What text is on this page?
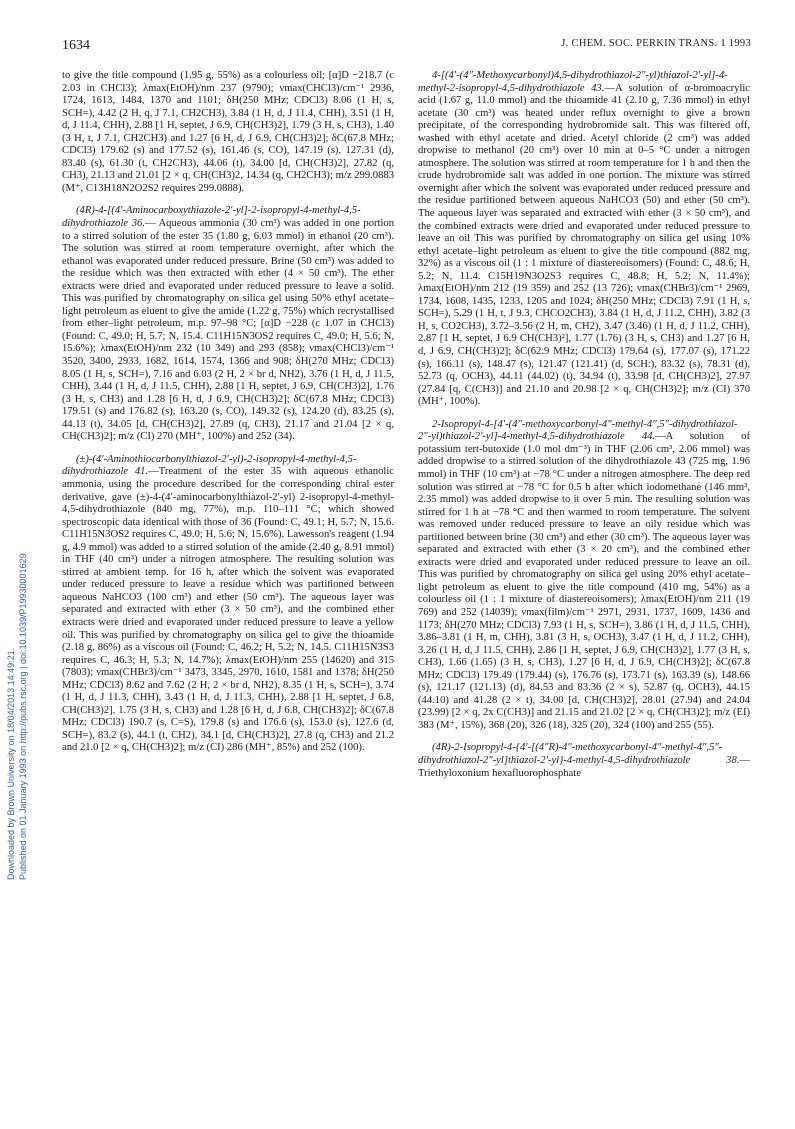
1634	J. CHEM. SOC. PERKIN TRANS. 1 1993
Downloaded by Brown University on 18/04/2013 14:49:21. Published on 01 January 1993 on http://pubs.rsc.org | doi:10.1039/P19930001629

to give the title compound (1.95 g, 55%) as a colourless oil; [α]D −218.7 (c 2.03 in CHCl3); λmax(EtOH)/nm 237 (9790); νmax(CHCl3)/cm⁻¹ 2936, 1724, 1613, 1484, 1370 and 1101; δH(250 MHz; CDCl3) 8.06 (1 H, s, SCH=), 4.42 (2 H, q, J 7.1, CH2CH3), 3.84 (1 H, d, J 11.4, CHH), 3.51 (1 H, d, J 11.4, CHH), 2.88 [1 H, septet, J 6.9, CH(CH3)2], 1.79 (3 H, s, CH3), 1.40 (3 H, t, J 7.1, CH2CH3) and 1.27 [6 H, d, J 6.9, CH(CH3)2]; δC(67.8 MHz; CDCl3) 179.62 (s) and 177.52 (s), 161.46 (s, CO), 147.19 (s), 127.31 (d), 83.40 (s), 61.30 (t, CH2CH3), 44.06 (t), 34.00 [d, CH(CH3)2], 27.82 (q, CH3), 21.13 and 21.01 [2 × q, CH(CH3)2, 14.34 (q, CH2CH3); m/z 299.0883 (M⁺, C13H18N2O2S2 requires 299.0888).

(4R)-4-[(4′-Aminocarboxythiazole-2′-yl]-2-isopropyl-4-methyl-4,5-dihydrothiazole 36.— Aqueous ammonia (30 cm³) was added in one portion to a stirred solution of the ester 35 (1.80 g, 6.03 mmol) in ethanol (20 cm³). The solution was stirred at room temperature overnight, after which the ethanol was evaporated under reduced pressure. Brine (50 cm³) was added to the residue which was then extracted with ether (4 × 50 cm³). The ether extracts were dried and evaporated under reduced pressure to leave a solid. This was purified by chromatography on silica gel using 50% ethyl acetate–light petroleum as eluent to give the amide (1.22 g, 75%) which recrystallised from ether–light petroleum, m.p. 97–98 °C; [α]D −228 (c 1.07 in CHCl3) (Found: C, 49.0; H, 5.7; N, 15.4. C11H15N3OS2 requires C, 49.0; H, 5.6; N, 15.6%); λmax(EtOH)/nm 232 (10 349) and 293 (858); νmax(CHCl3)/cm⁻¹ 3520, 3400, 2933, 1682, 1614, 1574, 1366 and 908; δH(270 MHz; CDCl3) 8.05 (1 H, s, SCH=), 7.16 and 6.03 (2 H, 2 × br d, NH2), 3.76 (1 H, d, J 11.5, CHH), 3.44 (1 H, d, J 11.5, CHH), 2.88 [1 H, septet, J 6.9, CH(CH3)2], 1.76 (3 H, s, CH3) and 1.28 [6 H, d, J 6.9, CH(CH3)2]; δC(67.8 MHz; CDCl3) 179.51 (s) and 176.82 (s), 163.20 (s, CO), 149.32 (s), 124.20 (d), 83.25 (s), 44.13 (t), 34.05 [d, CH(CH3)2], 27.89 (q, CH3), 21.17 and 21.04 [2 × q, CH(CH3)2]; m/z (CI) 270 (MH⁺, 100%) and 252 (34).

(±)-(4′-Aminothiocarbonylthiazol-2′-yl)-2-isopropyl-4-methyl-4,5-dihydrothiazole 41.—Treatment of the ester 35 with aqueous ethanolic ammonia, using the procedure described for the corresponding chiral ester derivative, gave (±)-4-(4′-aminocarbonylthiazol-2′-yl) 2-isopropyl-4-methyl-4,5-dihydrothiazole (840 mg, 77%), m.p. 110–111 °C; which showed spectroscopic data identical with those of 36 (Found: C, 49.1; H, 5.7; N, 15.6. C11H15N3OS2 requires C, 49.0; H, 5.6; N, 15.6%). Lawesson's reagent (1.94 g, 4.9 mmol) was added to a stirred solution of the amide (2.40 g, 8.91 mmol) in THF (40 cm³) under a nitrogen atmosphere. The resulting solution was stirred at ambient temp. for 16 h, after which the solvent was evaporated under reduced pressure to leave a residue which was partitioned between aqueous NaHCO3 (100 cm³) and ether (50 cm³). The aqueous layer was separated and extracted with ether (3 × 50 cm³), and the combined ether extracts were dried and evaporated under reduced pressure to leave a yellow oil. This was purified by chromatography on silica gel to give the thioamide (2.18 g, 86%) as a viscous oil (Found: C, 46.2; H, 5.2; N, 14.5. C11H15N3S3 requires C, 46.3; H, 5.3; N, 14.7%); λmax(EtOH)/nm 255 (14620) and 315 (7803); νmax(CHBr3)/cm⁻¹ 3473, 3345, 2970, 1610, 1581 and 1378; δH(250 MHz; CDCl3) 8.62 and 7.62 (2 H, 2 × br d, NH2), 8.35 (1 H, s, SCH=), 3.74 (1 H, d, J 11.3, CHH), 3.43 (1 H, d, J 11.3, CHH), 2.88 [1 H, septet, J 6.8, CH(CH3)2], 1.75 (3 H, s, CH3) and 1.28 [6 H, d, J 6.8, CH(CH3)2]; δC(67.8 MHz; CDCl3) 190.7 (s, C=S), 179.8 (s) and 176.6 (s), 153.0 (s), 127.6 (d, SCH=), 83.2 (s), 44.1 (t, CH2), 34.1 [d, CH(CH3)2], 27.8 (q, CH3) and 21.2 and 21.0 [2 × q, CH(CH3)2]; m/z (CI) 286 (MH⁺, 85%) and 252 (100).

4-[(4′-(4″-Methoxycarbonyl)4,5-dihydrothiazol-2″-yl)thiazol-2′-yl]-4-methyl-2-isopropyl-4,5-dihydrothiazole 43.—A solution of α-bromoacrylic acid (1.67 g, 11.0 mmol) and the thioamide 41 (2.10 g, 7.36 mmol) in ethyl acetate (30 cm³) was heated under reflux overnight to give a brown precipitate, of the corresponding hydrobromide salt. This was filtered off, washed with ethyl acetate and dried. Acetyl chloride (2 cm³) was added dropwise to methanol (20 cm³) over 10 min at 0–5 °C under a nitrogen atmosphere. The solution was stirred at room temperature for 1 h and then the crude hydrobromide salt was added in one portion. The mixture was stirred overnight after which the solvent was evaporated under reduced pressure and the residue partitioned between aqueous NaHCO3 (50) and ether (50 cm³). The aqueous layer was separated and extracted with ether (3 × 50 cm³), and the combined extracts were dried and evaporated under reduced pressure to leave an oil This was purified by chromatography on silica gel using 10% ethyl acetate–light petroleum as eluent to give the title compound (882 mg, 32%) as a viscous oil (1 : 1 mixture of diastereoisomers) (Found: C, 48.6; H, 5.2; N, 11.4. C15H19N3O2S3 requires C, 48.8; H, 5.2; N, 11.4%); λmax(EtOH)/nm 212 (19 359) and 252 (13 726); νmax(CHBr3)/cm⁻¹ 2969, 1734, 1608, 1435, 1233, 1205 and 1024; δH(250 MHz; CDCl3) 7.91 (1 H, s, SCH=), 5.29 (1 H, t, J 9.3, CHCO2CH3), 3.84 (1 H, d, J 11.2, CHH), 3.82 (3 H, s, CO2CH3), 3.72–3.56 (2 H, m, CH2), 3.47 (3.46) (1 H, d, J 11.2, CHH), 2.87 [1 H, septet, J 6.9 CH(CH3)²], 1.77 (1.76) (3 H, s, CH3) and 1.27 [6 H, d, J 6.9, CH(CH3)2]; δC(62.9 MHz; CDCl3) 179.64 (s), 177.07 (s), 171.22 (s), 166.11 (s), 148.47 (s), 121.47 (121.41) (d, SCH:), 83.32 (s), 78.31 (d), 52.73 (q, OCH3), 44.11 (44.02) (t), 34.94 (t), 33.98 [d, CH(CH3)2], 27.97 (27.84 [q, C(CH3)] and 21.10 and 20.98 [2 × q, CH(CH3)2]; m/z (CI) 370 (MH⁺, 100%).

2-Isopropyl-4-[4′-(4″-methoxycarbonyl-4″-methyl-4″,5″-dihydrothiazol-2″-yl)thiazol-2′-yl]-4-methyl-4,5-dihydrothiazole 44.—A solution of potassium tert-butoxide (1.0 mol dm⁻³) in THF (2.06 cm³, 2.06 mmol) was added dropwise to a stirred solution of the dihydrothiazole 43 (725 mg, 1.96 mmol) in THF (10 cm³) at −78 °C under a nitrogen atmosphere. The deep red solution was stirred at −78 °C for 0.5 h after which iodomethane (146 mm³, 2.35 mmol) was added dropwise to it over 5 min. The resulting solution was stirred for 1 h at −78 °C and then warmed to room temperature. The solvent was removed under reduced pressure to leave an oily residue which was partitioned between brine (30 cm³) and ether (30 cm³). The aqueous layer was separated and extracted with ether (3 × 20 cm³), and the combined ether extracts were dried and evaporated under reduced pressure to leave an oil. This was purified by chromatography on silica gel using 20% ethyl acetate–light petroleum as eluent to give the title compound (410 mg, 54%) as a colourless oil (1 : 1 mixture of diastereoisomers); λmax(EtOH)/nm 211 (19 769) and 252 (14039); νmax(film)/cm⁻¹ 2971, 2931, 1737, 1609, 1436 and 1173; δH(270 MHz; CDCl3) 7.93 (1 H, s, SCH=), 3.86 (1 H, d, J 11.5, CHH), 3.86–3.81 (1 H, m, CHH), 3.81 (3 H, s, OCH3), 3.47 (1 H, d, J 11.2, CHH), 3.26 (1 H, d, J 11.5, CHH), 2.86 [1 H, septet, J 6.9, CH(CH3)2], 1.77 (3 H, s, CH3), 1.66 (1.65) (3 H, s, CH3), 1.27 [6 H, d, J 6.9, CH(CH3)2]; δC(67.8 MHz; CDCl3) 179.49 (179.44) (s), 176.76 (s), 173.71 (s), 163.39 (s), 148.66 (s), 121.17 (121.13) (d), 84.53 and 83.36 (2 × s), 52.87 (q, OCH3), 44.15 (44.10) and 41.28 (2 × t), 34.00 [d, CH(CH3)2], 28.01 (27.94) and 24.04 (23.99) [2 × q, 2x C(CH3)] and 21.15 and 21.02 [2 × q, CH(CH3)2]; m/z (EI) 383 (M⁺, 15%), 368 (20), 326 (18), 325 (20), 324 (100) and 255 (55).

(4R)-2-Isopropyl-4-{4′-[(4″R)-4″-methoxycarbonyl-4″-methyl-4″,5″-dihydrothiazol-2″-yl]thiazol-2′-yl}-4-methyl-4,5-dihydrothiazole 38.—Triethyloxonium hexafluorophosphate
